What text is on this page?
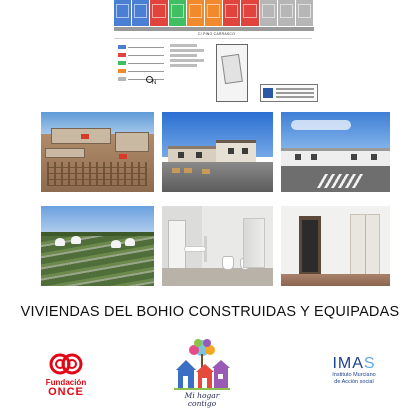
C/ PINO CARRASCO
N
VIVIENDAS DEL BOHIO CONSTRUIDAS Y EQUIPADAS
Fundación
ONCE	Mi hogar
contigo
IMAS
Instituto Murciano
de Acción social
